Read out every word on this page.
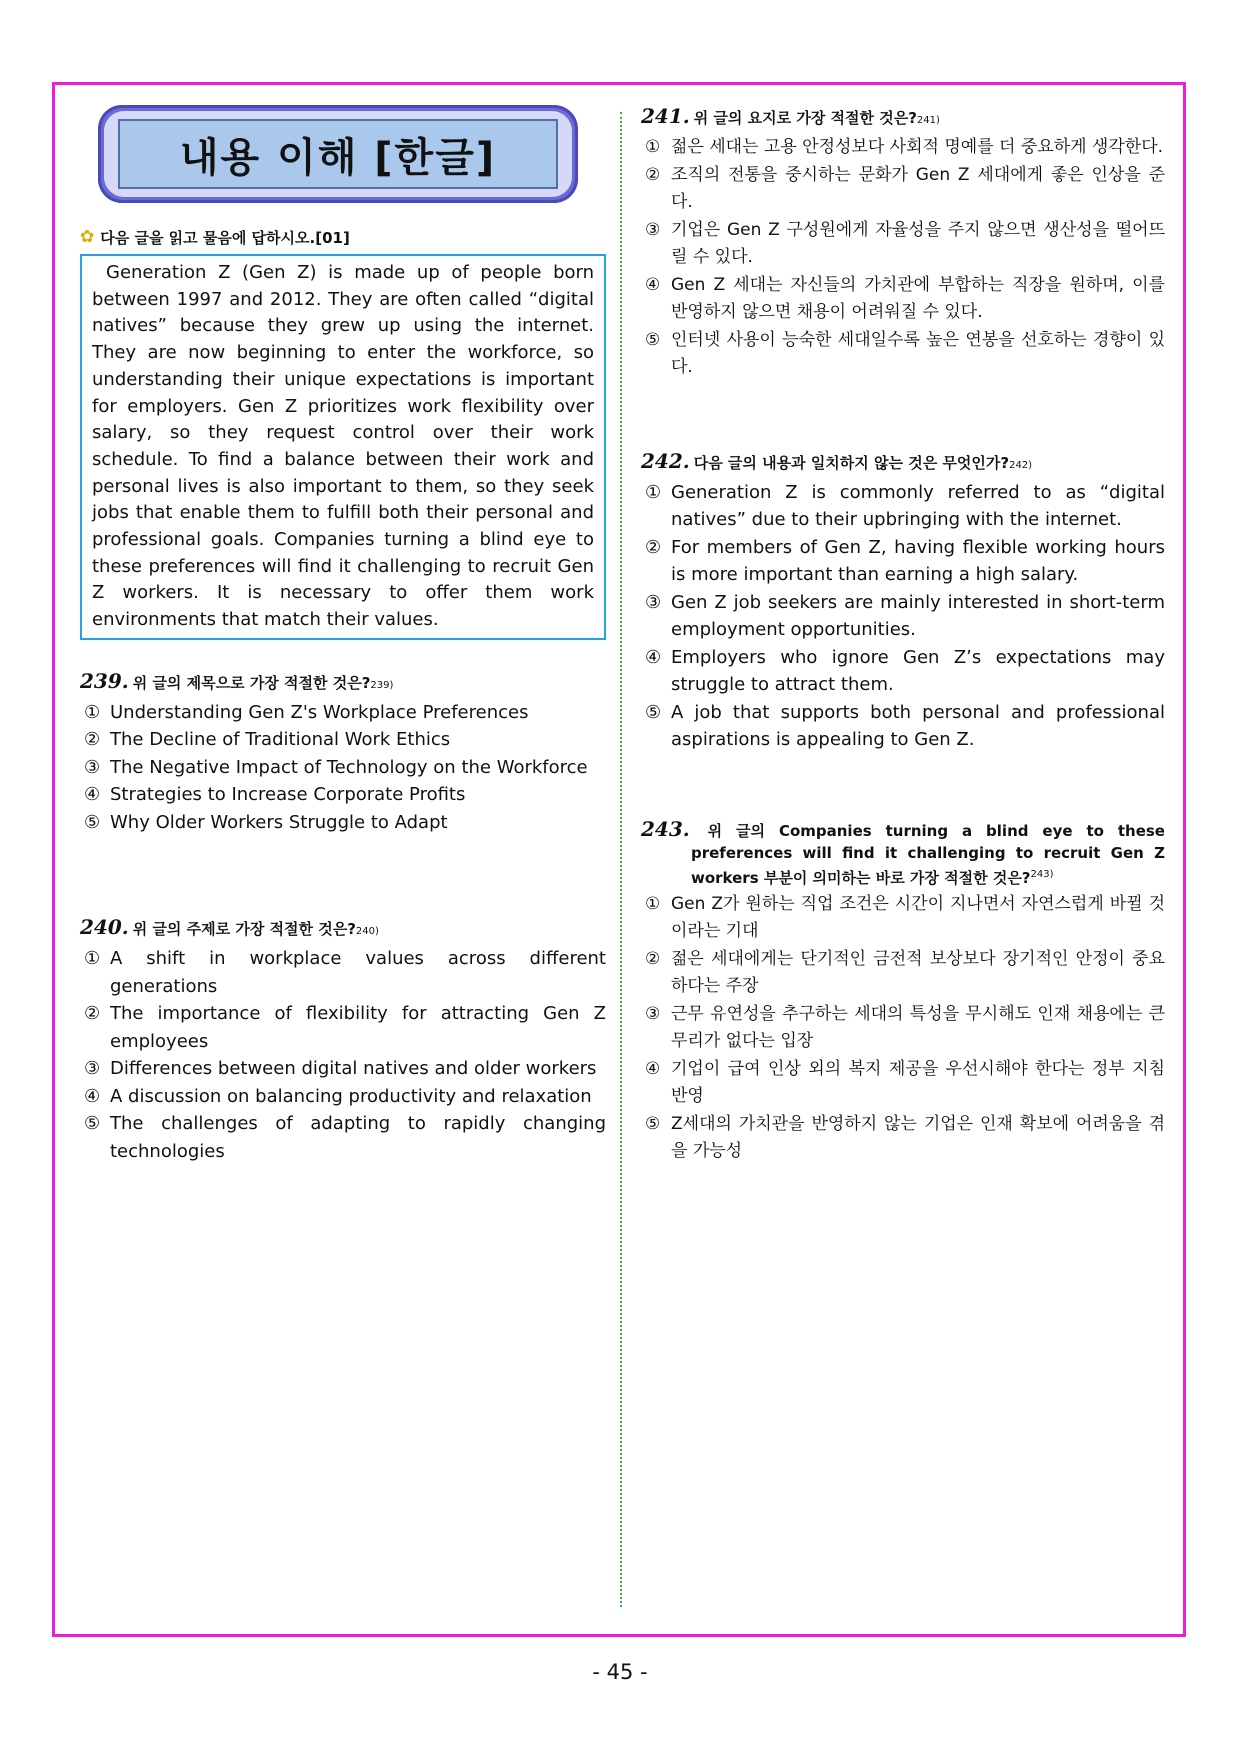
내용 이해 [한글]
✿ 다음 글을 읽고 물음에 답하시오.[01]
Generation Z (Gen Z) is made up of people born between 1997 and 2012. They are often called “digital natives” because they grew up using the internet. They are now beginning to enter the workforce, so understanding their unique expectations is important for employers. Gen Z prioritizes work flexibility over salary, so they request control over their work schedule. To find a balance between their work and personal lives is also important to them, so they seek jobs that enable them to fulfill both their personal and professional goals. Companies turning a blind eye to these preferences will find it challenging to recruit Gen Z workers. It is necessary to offer them work environments that match their values.
239. 위 글의 제목으로 가장 적절한 것은$?_{239)}$
① Understanding Gen Z's Workplace Preferences
② The Decline of Traditional Work Ethics
③ The Negative Impact of Technology on the Workforce
④ Strategies to Increase Corporate Profits
⑤ Why Older Workers Struggle to Adapt
240. 위 글의 주제로 가장 적절한 것은$?_{240)}$
① A shift in workplace values across different generations
② The importance of flexibility for attracting Gen Z employees
③ Differences between digital natives and older workers
④ A discussion on balancing productivity and relaxation
⑤ The challenges of adapting to rapidly changing technologies
241. 위 글의 요지로 가장 적절한 것은$?_{241)}$
① 젊은 세대는 고용 안정성보다 사회적 명예를 더 중요하게 생각한다.
② 조직의 전통을 중시하는 문화가 Gen Z 세대에게 좋은 인상을 준다.
③ 기업은 Gen Z 구성원에게 자율성을 주지 않으면 생산성을 떨어뜨릴 수 있다.
④ Gen Z 세대는 자신들의 가치관에 부합하는 직장을 원하며, 이를 반영하지 않으면 채용이 어려워질 수 있다.
⑤ 인터넷 사용이 능숙한 세대일수록 높은 연봉을 선호하는 경향이 있다.
242. 다음 글의 내용과 일치하지 않는 것은 무엇인가$?_{242)}$
① Generation Z is commonly referred to as “digital natives” due to their upbringing with the internet.
② For members of Gen Z, having flexible working hours is more important than earning a high salary.
③ Gen Z job seekers are mainly interested in short-term employment opportunities.
④ Employers who ignore Gen Z’s expectations may struggle to attract them.
⑤ A job that supports both personal and professional aspirations is appealing to Gen Z.
243. 위 글의 Companies turning a blind eye to these preferences will find it challenging to recruit Gen Z workers 부분이 의미하는 바로 가장 적절한 것은?$^{243)}$
① Gen Z가 원하는 직업 조건은 시간이 지나면서 자연스럽게 바뀔 것이라는 기대
② 젊은 세대에게는 단기적인 금전적 보상보다 장기적인 안정이 중요하다는 주장
③ 근무 유연성을 추구하는 세대의 특성을 무시해도 인재 채용에는 큰 무리가 없다는 입장
④ 기업이 급여 인상 외의 복지 제공을 우선시해야 한다는 정부 지침 반영
⑤ Z세대의 가치관을 반영하지 않는 기업은 인재 확보에 어려움을 겪을 가능성
- 45 -
